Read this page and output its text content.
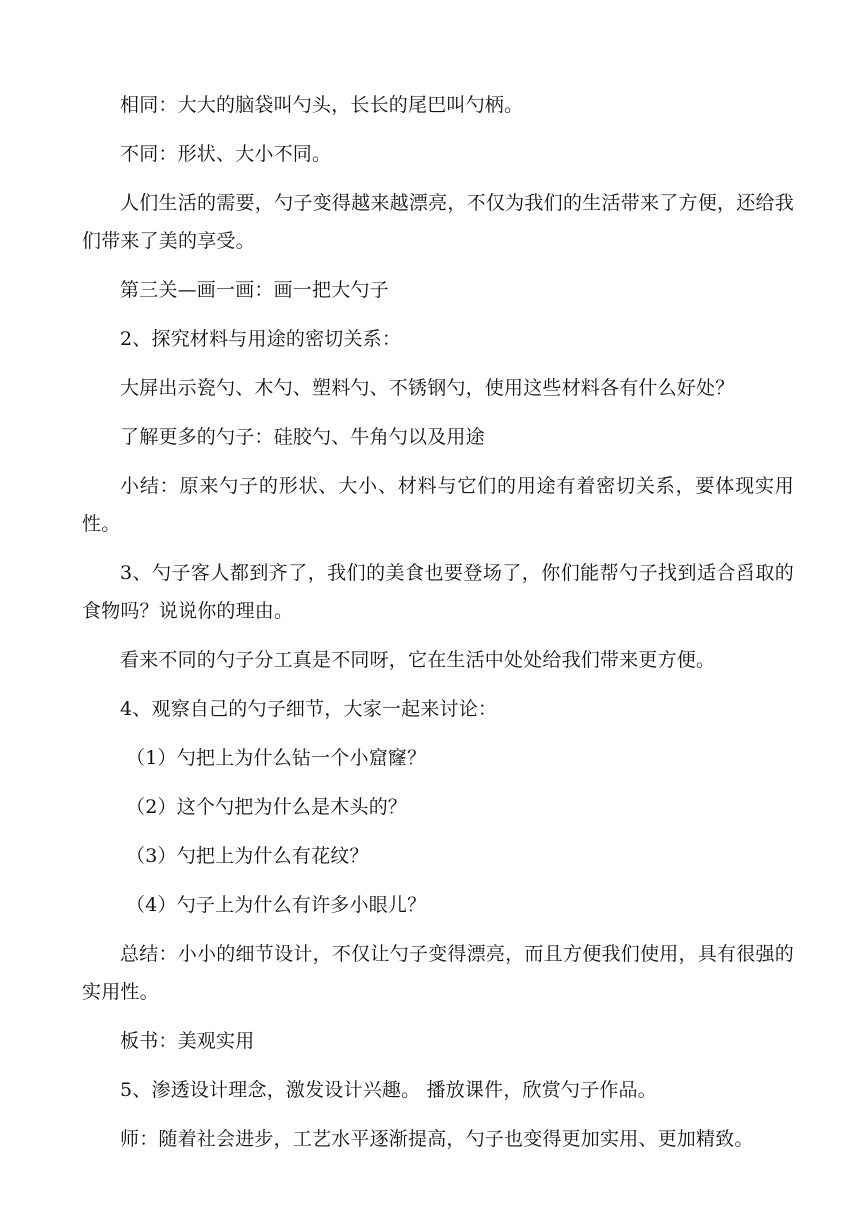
相同：大大的脑袋叫勺头，长长的尾巴叫勺柄。

不同：形状、大小不同。

人们生活的需要，勺子变得越来越漂亮，不仅为我们的生活带来了方便，还给我们带来了美的享受。

第三关—画一画：画一把大勺子

2、探究材料与用途的密切关系：

大屏出示瓷勺、木勺、塑料勺、不锈钢勺，使用这些材料各有什么好处？

了解更多的勺子：硅胶勺、牛角勺以及用途

小结：原来勺子的形状、大小、材料与它们的用途有着密切关系，要体现实用性。

3、勺子客人都到齐了，我们的美食也要登场了，你们能帮勺子找到适合舀取的食物吗？说说你的理由。

看来不同的勺子分工真是不同呀，它在生活中处处给我们带来更方便。

4、观察自己的勺子细节，大家一起来讨论：

（1）勺把上为什么钻一个小窟窿？

（2）这个勺把为什么是木头的？

（3）勺把上为什么有花纹？

（4）勺子上为什么有许多小眼儿？

总结：小小的细节设计，不仅让勺子变得漂亮，而且方便我们使用，具有很强的实用性。

板书：美观实用

5、渗透设计理念，激发设计兴趣。 播放课件，欣赏勺子作品。

师：随着社会进步，工艺水平逐渐提高，勺子也变得更加实用、更加精致。
